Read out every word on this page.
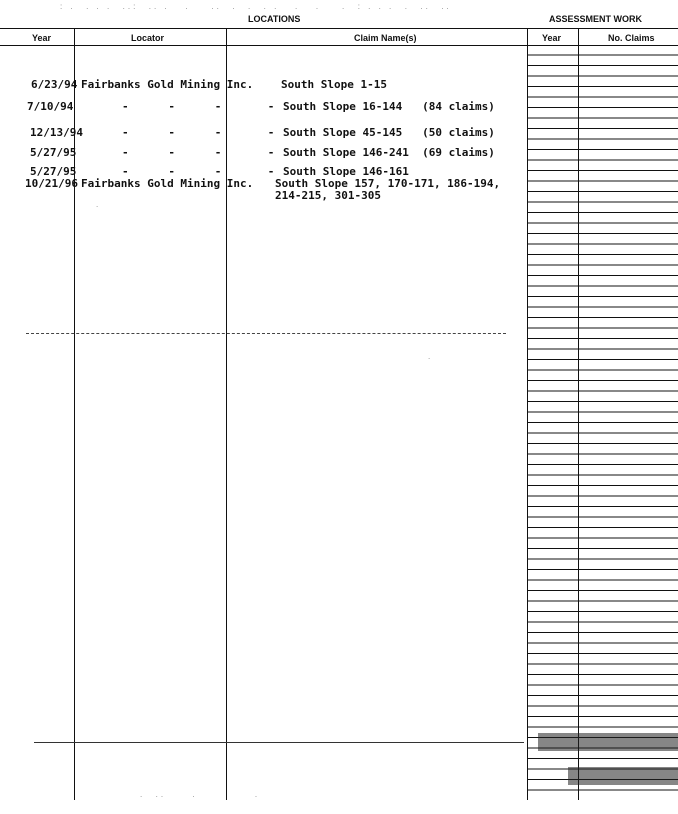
: .  . . .  ..:  .. .   .    ..  .  .  . .   .   .    .  : . . .  .  ..  ..
LOCATIONS	ASSESSMENT WORK
Year	Locator	Claim Name(s)	Year	No. Claims
6/23/94 Fairbanks Gold Mining Inc.	South Slope 1-15
7/10/94	-      -      -       - South Slope 16-144   (84 claims)
12/13/94	-      -      -       - South Slope 45-145   (50 claims)
5/27/95	-      -      -       - South Slope 146-241  (69 claims)
5/27/95	-      -      -       - South Slope 146-161
10/21/96 Fairbanks Gold Mining Inc. South Slope 157, 170-171, 186-194,
214-215, 301-305
.  ..     .           .
.
.
